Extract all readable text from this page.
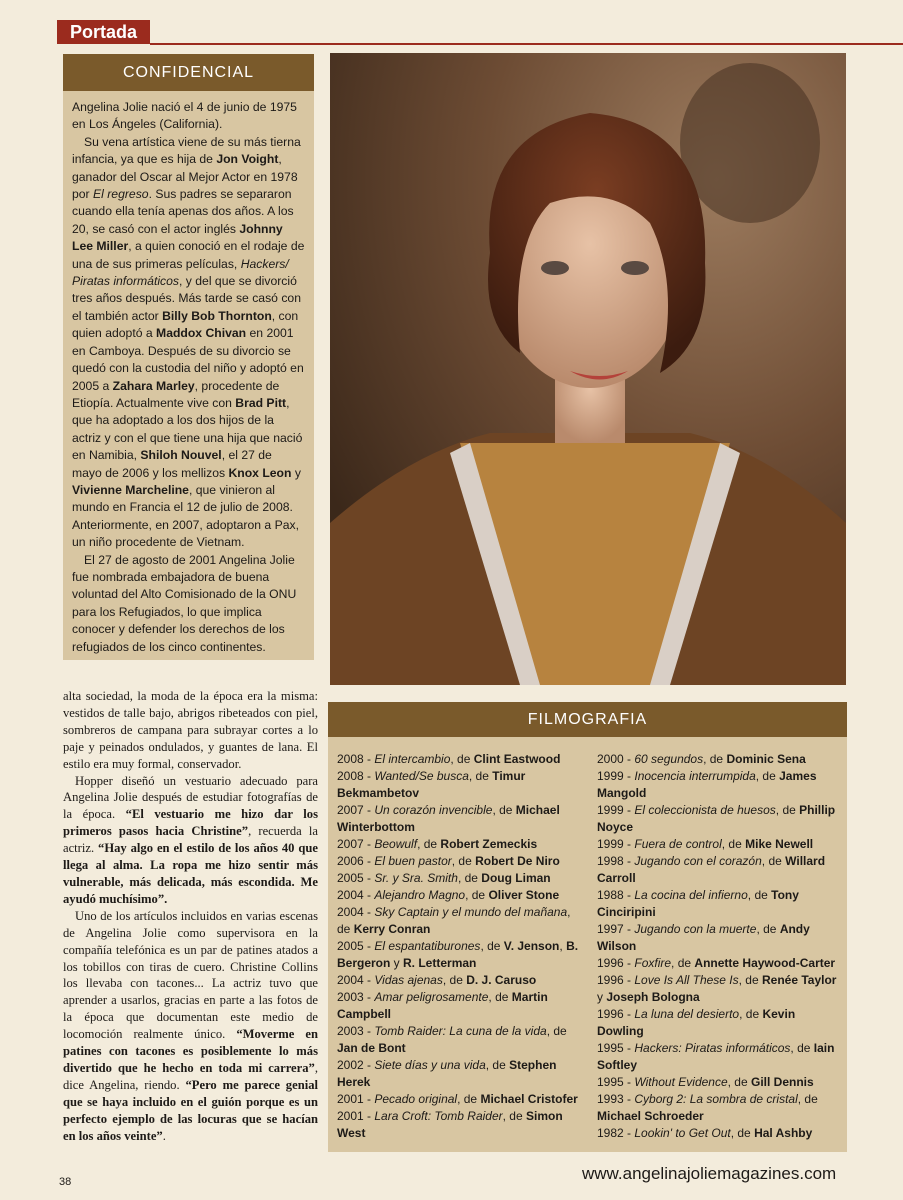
Portada
CONFIDENCIAL

Angelina Jolie nació el 4 de junio de 1975 en Los Ángeles (California).

Su vena artística viene de su más tierna infancia, ya que es hija de Jon Voight, ganador del Oscar al Mejor Actor en 1978 por El regreso. Sus padres se separaron cuando ella tenía apenas dos años. A los 20, se casó con el actor inglés Johnny Lee Miller, a quien conoció en el rodaje de una de sus primeras películas, Hackers/ Piratas informáticos, y del que se divorció tres años después. Más tarde se casó con el también actor Billy Bob Thornton, con quien adoptó a Maddox Chivan en 2001 en Camboya. Después de su divorcio se quedó con la custodia del niño y adoptó en 2005 a Zahara Marley, procedente de Etiopía. Actualmente vive con Brad Pitt, que ha adoptado a los dos hijos de la actriz y con el que tiene una hija que nació en Namibia, Shiloh Nouvel, el 27 de mayo de 2006 y los mellizos Knox Leon y Vivienne Marcheline, que vinieron al mundo en Francia el 12 de julio de 2008. Anteriormente, en 2007, adoptaron a Pax, un niño procedente de Vietnam.

El 27 de agosto de 2001 Angelina Jolie fue nombrada embajadora de buena voluntad del Alto Comisionado de la ONU para los Refugiados, lo que implica conocer y defender los derechos de los refugiados de los cinco continentes.

alta sociedad, la moda de la época era la misma: vestidos de talle bajo, abrigos ribeteados con piel, sombreros de campana para subrayar cortes a lo paje y peinados ondulados, y guantes de lana. El estilo era muy formal, conservador.

Hopper diseñó un vestuario adecuado para Angelina Jolie después de estudiar fotografías de la época. “El vestuario me hizo dar los primeros pasos hacia Christine”, recuerda la actriz. “Hay algo en el estilo de los años 40 que llega al alma. La ropa me hizo sentir más vulnerable, más delicada, más escondida. Me ayudó muchísimo”.

Uno de los artículos incluidos en varias escenas de Angelina Jolie como supervisora en la compañía telefónica es un par de patines atados a los tobillos con tiras de cuero. Christine Collins los llevaba con tacones... La actriz tuvo que aprender a usarlos, gracias en parte a las fotos de la época que documentan este medio de locomoción realmente único. “Moverme en patines con tacones es posiblemente lo más divertido que he hecho en toda mi carrera”, dice Angelina, riendo. “Pero me parece genial que se haya incluido en el guión porque es un perfecto ejemplo de las locuras que se hacían en los años veinte”.

FILMOGRAFIA
2008 - El intercambio, de Clint Eastwood
2008 - Wanted/Se busca, de Timur Bekmambetov
2007 - Un corazón invencible, de Michael Winterbottom
2007 - Beowulf, de Robert Zemeckis
2006 - El buen pastor, de Robert De Niro
2005 - Sr. y Sra. Smith, de Doug Liman
2004 - Alejandro Magno, de Oliver Stone
2004 - Sky Captain y el mundo del mañana, de Kerry Conran
2005 - El espantatiburones, de V. Jenson, B. Bergeron y R. Letterman
2004 - Vidas ajenas, de D. J. Caruso
2003 - Amar peligrosamente, de Martin Campbell
2003 - Tomb Raider: La cuna de la vida, de Jan de Bont
2002 - Siete días y una vida, de Stephen Herek
2001 - Pecado original, de Michael Cristofer
2001 - Lara Croft: Tomb Raider, de Simon West
2000 - 60 segundos, de Dominic Sena
1999 - Inocencia interrumpida, de James Mangold
1999 - El coleccionista de huesos, de Phillip Noyce
1999 - Fuera de control, de Mike Newell
1998 - Jugando con el corazón, de Willard Carroll
1988 - La cocina del infierno, de Tony Cinciripini
1997 - Jugando con la muerte, de Andy Wilson
1996 - Foxfire, de Annette Haywood-Carter
1996 - Love Is All These Is, de Renée Taylor y Joseph Bologna
1996 - La luna del desierto, de Kevin Dowling
1995 - Hackers: Piratas informáticos, de Iain Softley
1995 - Without Evidence, de Gill Dennis
1993 - Cyborg 2: La sombra de cristal, de Michael Schroeder
1982 - Lookin' to Get Out, de Hal Ashby
38	www.angelinajoliemagazines.com
